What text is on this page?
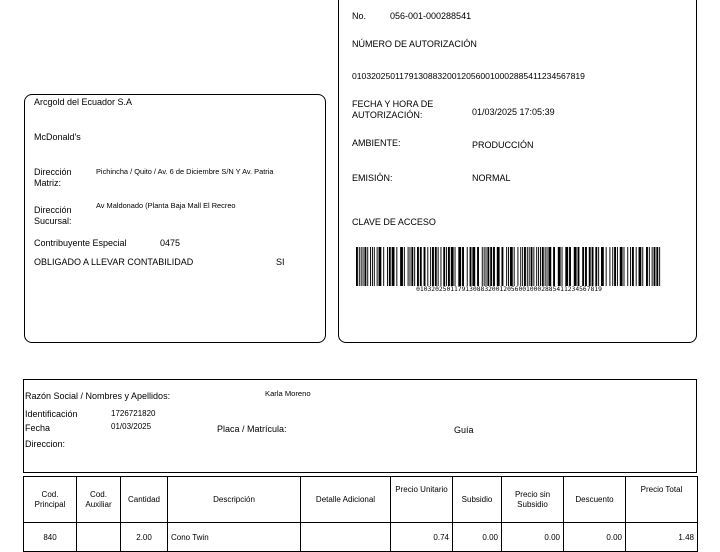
No.	056-001-000288541
NÚMERO DE AUTORIZACIÓN
0103202501179130883200120560010002885411234567819
FECHA Y HORA DE AUTORIZACIÓN:	01/03/2025 17:05:39
AMBIENTE:	PRODUCCIÓN
EMISIÓN:	NORMAL
CLAVE DE ACCESO
0103202501179130883200120560010002885411234567819
Arcgold del Ecuador S.A
McDonald's
Dirección Matriz:
Pichincha / Quito / Av. 6 de Diciembre S/N Y Av. Patria
Dirección Sucursal:
Av Maldonado (Planta Baja Mall El Recreo
Contribuyente Especial	0475
OBLIGADO A LLEVAR CONTABILIDAD	SI
Razón Social / Nombres y Apellidos:	Karla Moreno
Identificación	1726721820
Fecha	01/03/2025	Placa / Matrícula:	Guía
Direccion:
Cod. Principal	Cod. Auxiliar	Cantidad	Descripción	Detalle Adicional	Precio Unitario	Subsidio	Precio sin Subsidio	Descuento	Precio Total
840		2.00	Cono Twin		0.74	0.00	0.00	0.00	1.48
